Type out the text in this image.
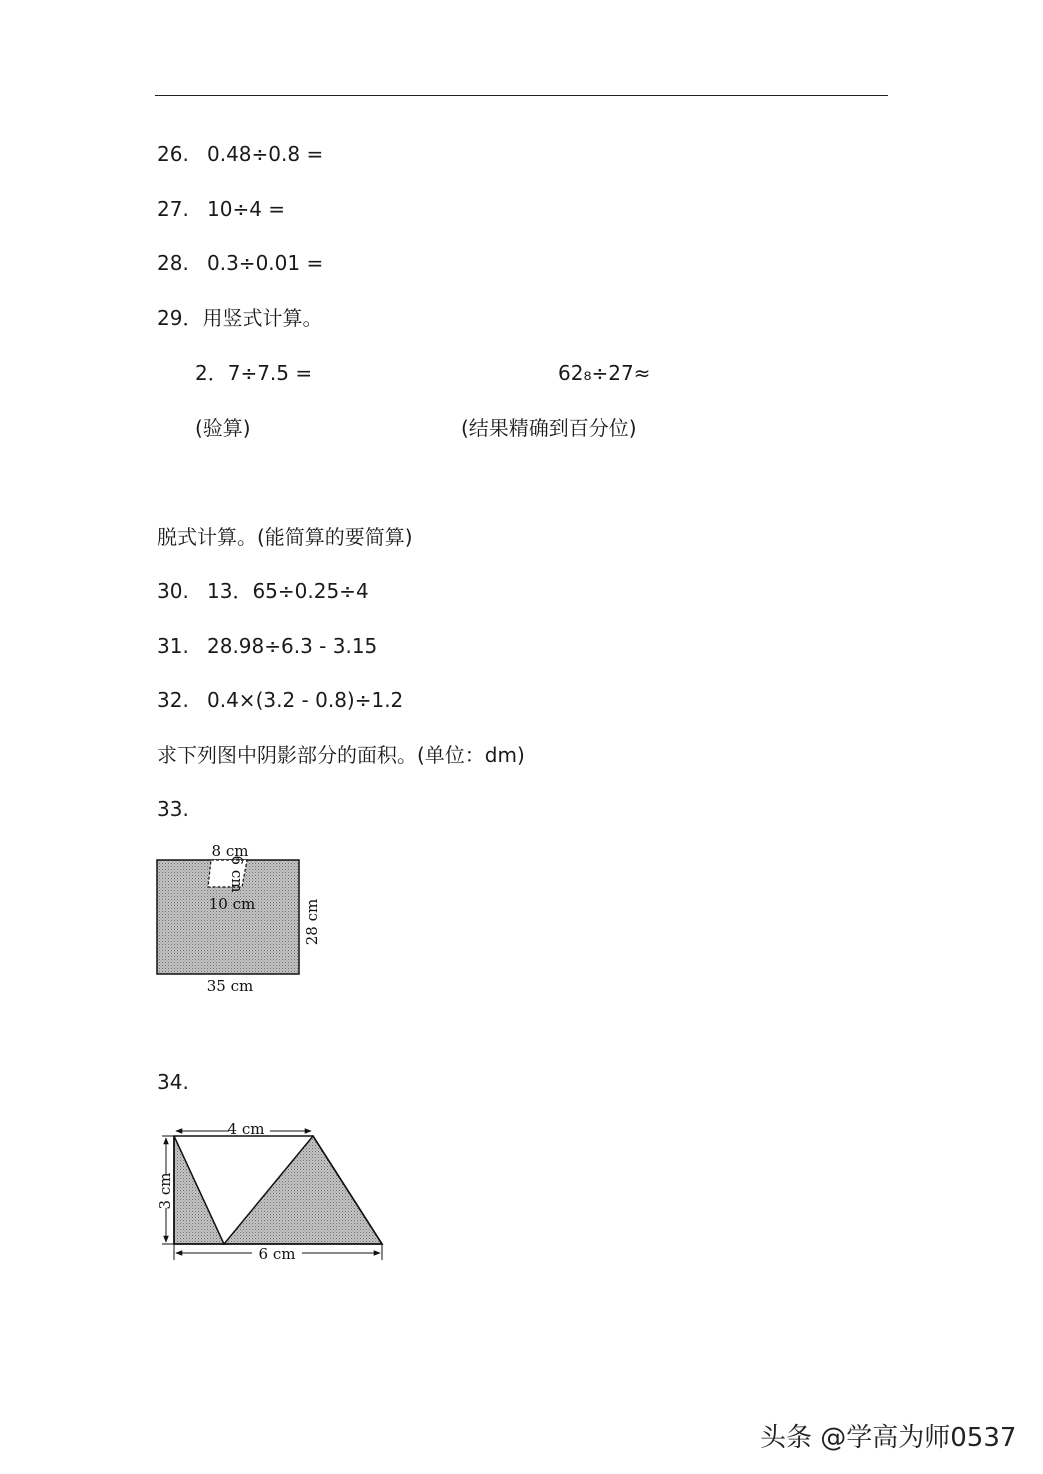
26. 0.48÷0.8 =
27. 10÷4 =
28. 0.3÷0.01 =
29．用竖式计算。
2．7÷7.5 =	62₈÷27≈
(验算)	(结果精确到百分位)
脱式计算。(能简算的要简算)
30. 13．65÷0.25÷4
31. 28.98÷6.3 - 3.15
32. 0.4×(3.2 - 0.8)÷1.2
求下列图中阴影部分的面积。(单位：dm)
33.
8 cm
6 cm
10 cm	28 cm
35 cm
34.
4 cm
3 cm
6 cm
头条 @学高为师0537
